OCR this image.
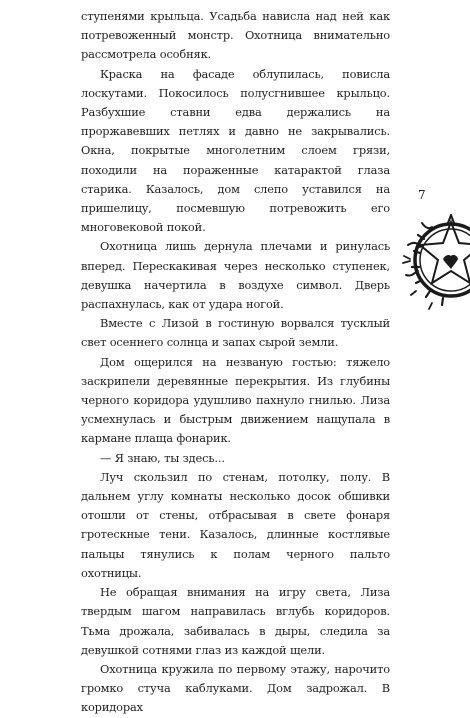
ступенями крыльца. Усадьба нависла над ней как потревоженный монстр. Охотница внимательно рассмотрела особняк.

Краска на фасаде облупилась, повисла лоскутами. Покосилось полусгнившее крыльцо. Разбухшие ставни едва держались на проржавевших петлях и давно не закрывались. Окна, покрытые многолетним слоем грязи, походили на пораженные катарактой глаза старика. Казалось, дом слепо уставился на пришелицу, посмевшую потревожить его многовековой покой.

Охотница лишь дернула плечами и ринулась вперед. Перескакивая через несколько ступенек, девушка начертила в воздухе символ. Дверь распахнулась, как от удара ногой.

Вместе с Лизой в гостиную ворвался тусклый свет осеннего солнца и запах сырой земли.

Дом ощерился на незваную гостью: тяжело заскрипели деревянные перекрытия. Из глубины черного коридора удушливо пахнуло гнилью. Лиза усмехнулась и быстрым движением нащупала в кармане плаща фонарик.

— Я знаю, ты здесь...

Луч скользил по стенам, потолку, полу. В дальнем углу комнаты несколько досок обшивки отошли от стены, отбрасывая в свете фонаря гротескные тени. Казалось, длинные костлявые пальцы тянулись к полам черного пальто охотницы.

Не обращая внимания на игру света, Лиза твердым шагом направилась вглубь коридоров. Тьма дрожала, забивалась в дыры, следила за девушкой сотнями глаз из каждой щели.

Охотница кружила по первому этажу, нарочито громко стуча каблуками. Дом задрожал. В коридорах

7
